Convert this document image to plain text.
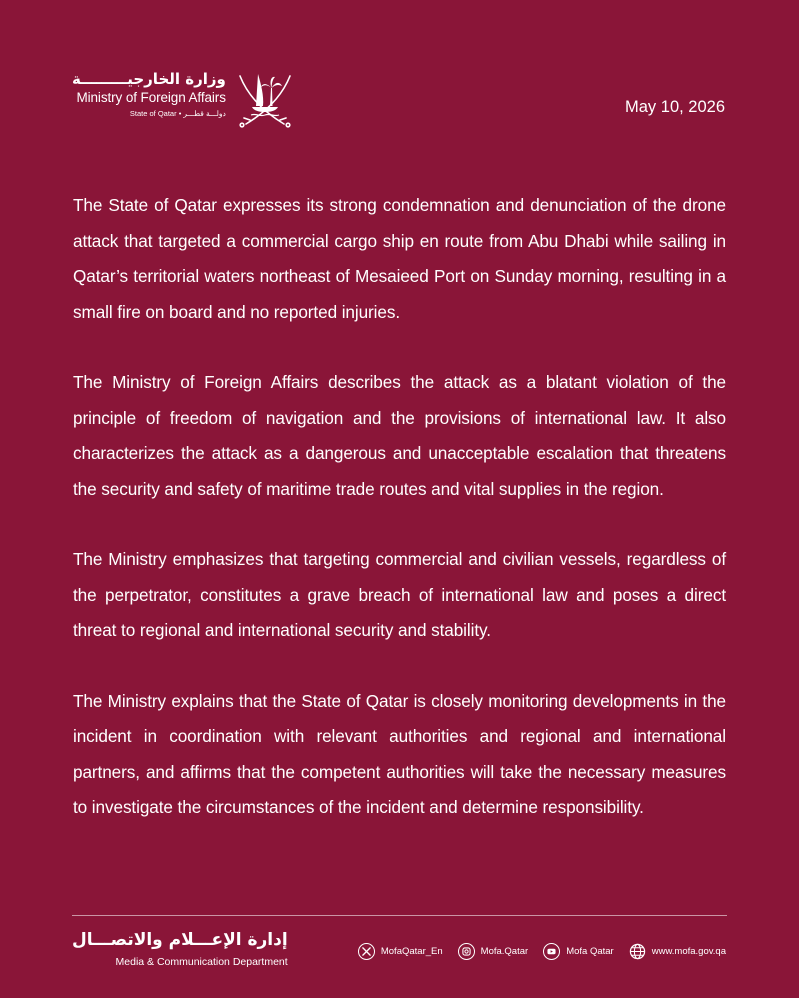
وزارة الخارجيـــــــــة
Ministry of Foreign Affairs
State of Qatar • دولـــة قطـــر	May 10, 2026

The State of Qatar expresses its strong condemnation and denunciation of the drone attack that targeted a commercial cargo ship en route from Abu Dhabi while sailing in Qatar’s territorial waters northeast of Mesaieed Port on Sunday morning, resulting in a small fire on board and no reported injuries.

The Ministry of Foreign Affairs describes the attack as a blatant violation of the principle of freedom of navigation and the provisions of international law. It also characterizes the attack as a dangerous and unacceptable escalation that threatens the security and safety of maritime trade routes and vital supplies in the region.

The Ministry emphasizes that targeting commercial and civilian vessels, regardless of the perpetrator, constitutes a grave breach of international law and poses a direct threat to regional and international security and stability.

The Ministry explains that the State of Qatar is closely monitoring developments in the incident in coordination with relevant authorities and regional and international partners, and affirms that the competent authorities will take the necessary measures to investigate the circumstances of the incident and determine responsibility.

إدارة الإعـــلام والاتصـــال
Media & Communication Department
MofaQatar_En	Mofa.Qatar	Mofa Qatar	www.mofa.gov.qa
